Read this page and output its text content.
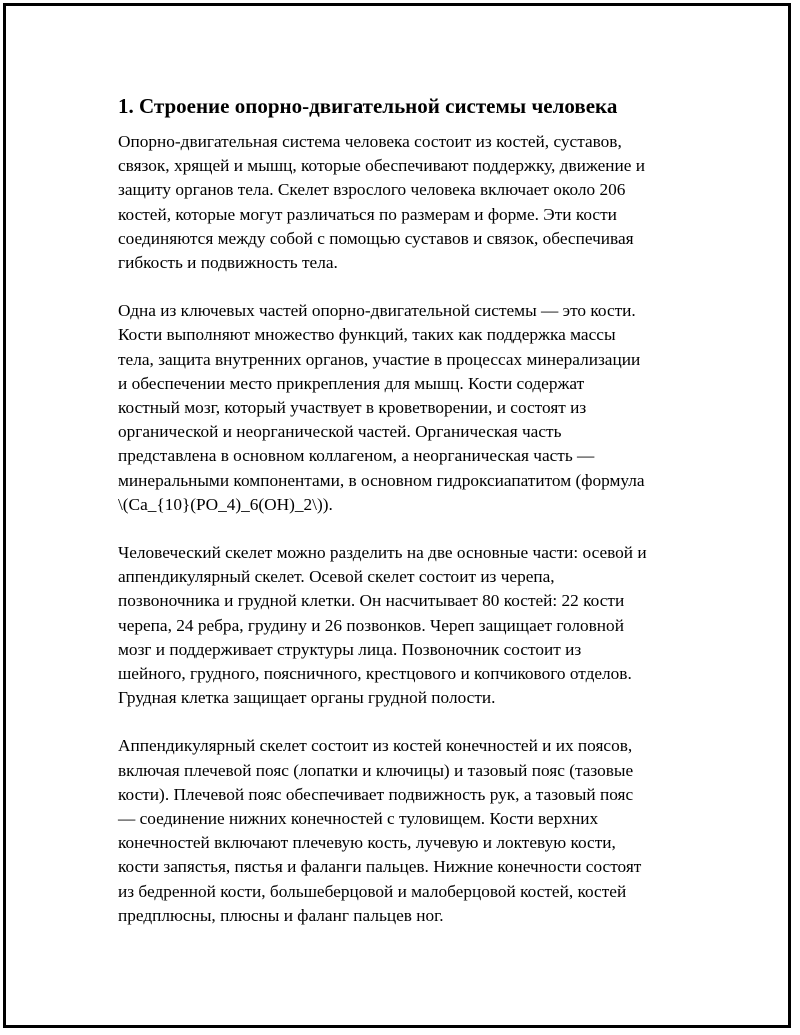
1. Строение опорно-двигательной системы человека
Опорно-двигательная система человека состоит из костей, суставов,
связок, хрящей и мышц, которые обеспечивают поддержку, движение и
защиту органов тела. Скелет взрослого человека включает около 206
костей, которые могут различаться по размерам и форме. Эти кости
соединяются между собой с помощью суставов и связок, обеспечивая
гибкость и подвижность тела.
Одна из ключевых частей опорно-двигательной системы — это кости.
Кости выполняют множество функций, таких как поддержка массы
тела, защита внутренних органов, участие в процессах минерализации
и обеспечении место прикрепления для мышц. Кости содержат
костный мозг, который участвует в кроветворении, и состоят из
органической и неорганической частей. Органическая часть
представлена в основном коллагеном, а неорганическая часть —
минеральными компонентами, в основном гидроксиапатитом (формула
\(Ca_{10}(PO_4)_6(OH)_2\)).
Человеческий скелет можно разделить на две основные части: осевой и
аппендикулярный скелет. Осевой скелет состоит из черепа,
позвоночника и грудной клетки. Он насчитывает 80 костей: 22 кости
черепа, 24 ребра, грудину и 26 позвонков. Череп защищает головной
мозг и поддерживает структуры лица. Позвоночник состоит из
шейного, грудного, поясничного, крестцового и копчикового отделов.
Грудная клетка защищает органы грудной полости.
Аппендикулярный скелет состоит из костей конечностей и их поясов,
включая плечевой пояс (лопатки и ключицы) и тазовый пояс (тазовые
кости). Плечевой пояс обеспечивает подвижность рук, а тазовый пояс
— соединение нижних конечностей с туловищем. Кости верхних
конечностей включают плечевую кость, лучевую и локтевую кости,
кости запястья, пястья и фаланги пальцев. Нижние конечности состоят
из бедренной кости, большеберцовой и малоберцовой костей, костей
предплюсны, плюсны и фаланг пальцев ног.
